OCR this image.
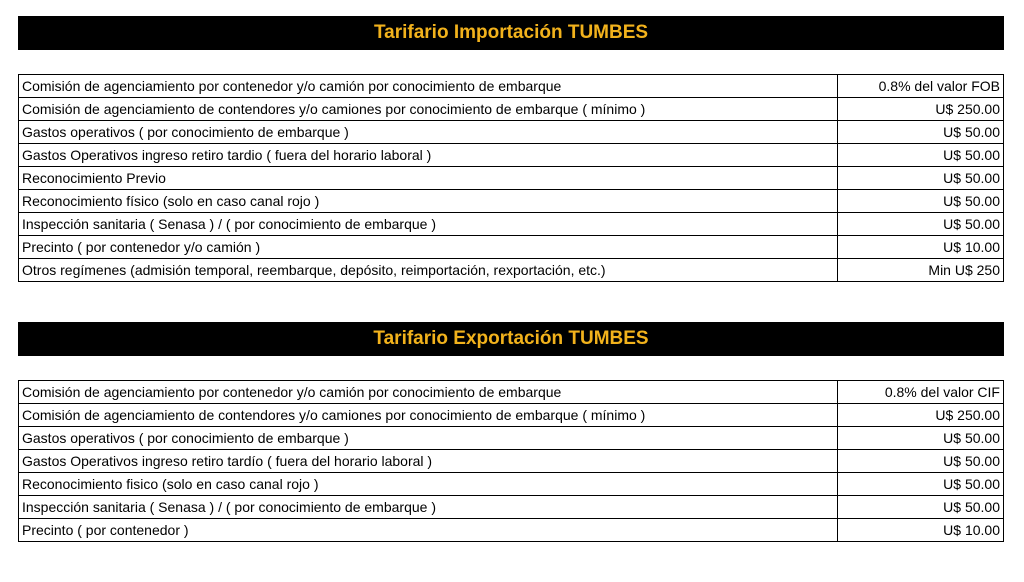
Tarifario Importación TUMBES
Comisión de agenciamiento por contenedor y/o camión por conocimiento de embarque	0.8% del valor FOB
Comisión de agenciamiento de contendores y/o camiones por conocimiento de embarque ( mínimo )	U$ 250.00
Gastos operativos ( por conocimiento de embarque )	U$ 50.00
Gastos Operativos ingreso retiro tardio ( fuera del horario laboral )	U$ 50.00
Reconocimiento Previo	U$ 50.00
Reconocimiento físico (solo en caso canal rojo )	U$ 50.00
Inspección sanitaria ( Senasa ) / ( por conocimiento de embarque )	U$ 50.00
Precinto ( por contenedor y/o camión )	U$ 10.00
Otros regímenes (admisión temporal, reembarque, depósito, reimportación, rexportación, etc.)	Min U$ 250
Tarifario Exportación TUMBES
Comisión de agenciamiento por contenedor y/o camión por conocimiento de embarque	0.8% del valor CIF
Comisión de agenciamiento de contendores y/o camiones por conocimiento de embarque ( mínimo )	U$ 250.00
Gastos operativos ( por conocimiento de embarque )	U$ 50.00
Gastos Operativos ingreso retiro tardío ( fuera del horario laboral )	U$ 50.00
Reconocimiento fisico (solo en caso canal rojo )	U$ 50.00
Inspección sanitaria ( Senasa ) / ( por conocimiento de embarque )	U$ 50.00
Precinto ( por contenedor )	U$ 10.00
